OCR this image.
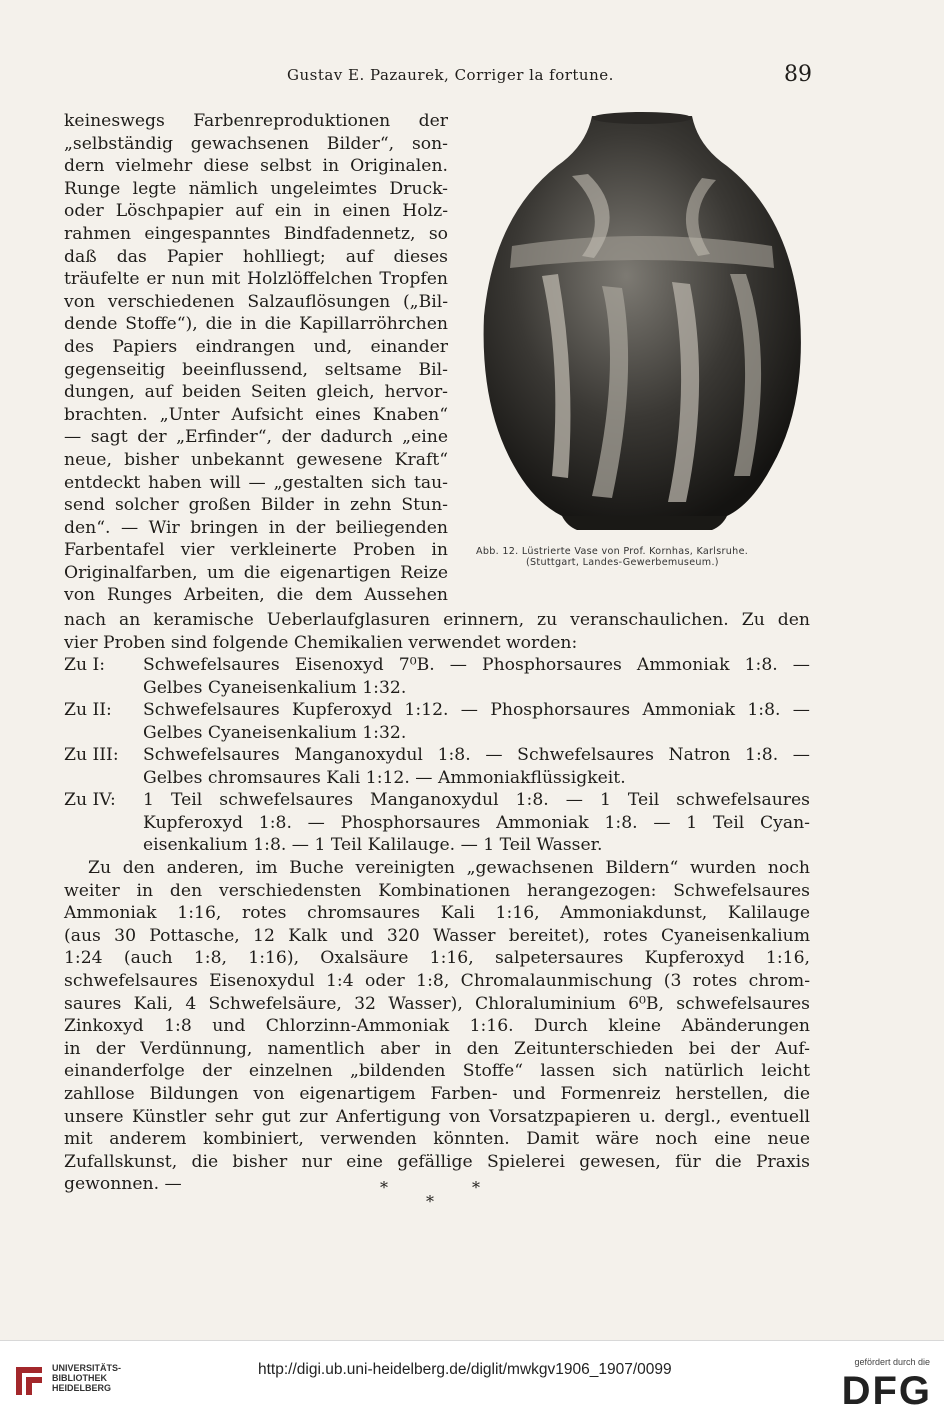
Gustav E. Pazaurek, Corriger la fortune.	89
keineswegs Farbenreproduktionen der
„selbständig gewachsenen Bilder“, son-
dern vielmehr diese selbst in Originalen.
Runge legte nämlich ungeleimtes Druck-
oder Löschpapier auf ein in einen Holz-
rahmen eingespanntes Bindfadennetz, so
daß das Papier hohlliegt; auf dieses
träufelte er nun mit Holzlöffelchen Tropfen
von verschiedenen Salzauflösungen („Bil-
dende Stoffe“), die in die Kapillarröhrchen
des Papiers eindrangen und, einander
gegenseitig beeinflussend, seltsame Bil-
dungen, auf beiden Seiten gleich, hervor-
brachten. „Unter Aufsicht eines Knaben“
— sagt der „Erfinder“, der dadurch „eine
neue, bisher unbekannt gewesene Kraft“
entdeckt haben will — „gestalten sich tau-
send solcher großen Bilder in zehn Stun-
den“. — Wir bringen in der beiliegenden
Farbentafel vier verkleinerte Proben in
Originalfarben, um die eigenartigen Reize
von Runges Arbeiten, die dem Aussehen
Abb. 12. Lüstrierte Vase von Prof. Kornhas, Karlsruhe.
(Stuttgart, Landes-Gewerbemuseum.)
nach an keramische Ueberlaufglasuren erinnern, zu veranschaulichen. Zu den
vier Proben sind folgende Chemikalien verwendet worden:
Zu I: Schwefelsaures Eisenoxyd 7⁰B. — Phosphorsaures Ammoniak 1:8. —
Gelbes Cyaneisenkalium 1:32.
Zu II: Schwefelsaures Kupferoxyd 1:12. — Phosphorsaures Ammoniak 1:8. —
Gelbes Cyaneisenkalium 1:32.
Zu III: Schwefelsaures Manganoxydul 1:8. — Schwefelsaures Natron 1:8. —
Gelbes chromsaures Kali 1:12. — Ammoniakflüssigkeit.
Zu IV: 1 Teil schwefelsaures Manganoxydul 1:8. — 1 Teil schwefelsaures
Kupferoxyd 1:8. — Phosphorsaures Ammoniak 1:8. — 1 Teil Cyan-
eisenkalium 1:8. — 1 Teil Kalilauge. — 1 Teil Wasser.
Zu den anderen, im Buche vereinigten „gewachsenen Bildern“ wurden noch
weiter in den verschiedensten Kombinationen herangezogen: Schwefelsaures
Ammoniak 1:16, rotes chromsaures Kali 1:16, Ammoniakdunst, Kalilauge
(aus 30 Pottasche, 12 Kalk und 320 Wasser bereitet), rotes Cyaneisenkalium
1:24 (auch 1:8, 1:16), Oxalsäure 1:16, salpetersaures Kupferoxyd 1:16,
schwefelsaures Eisenoxydul 1:4 oder 1:8, Chromalaunmischung (3 rotes chrom-
saures Kali, 4 Schwefelsäure, 32 Wasser), Chloraluminium 6⁰B, schwefelsaures
Zinkoxyd 1:8 und Chlorzinn-Ammoniak 1:16. Durch kleine Abänderungen
in der Verdünnung, namentlich aber in den Zeitunterschieden bei der Auf-
einanderfolge der einzelnen „bildenden Stoffe“ lassen sich natürlich leicht
zahllose Bildungen von eigenartigem Farben- und Formenreiz herstellen, die
unsere Künstler sehr gut zur Anfertigung von Vorsatzpapieren u. dergl., eventuell
mit anderem kombiniert, verwenden könnten. Damit wäre noch eine neue
Zufallskunst, die bisher nur eine gefällige Spielerei gewesen, für die Praxis
gewonnen. —	*
*
*
UNIVERSITÄTS-
BIBLIOTHEK
HEIDELBERG
http://digi.ub.uni-heidelberg.de/diglit/mwkgv1906_1907/0099	gefördert durch die
DFG
